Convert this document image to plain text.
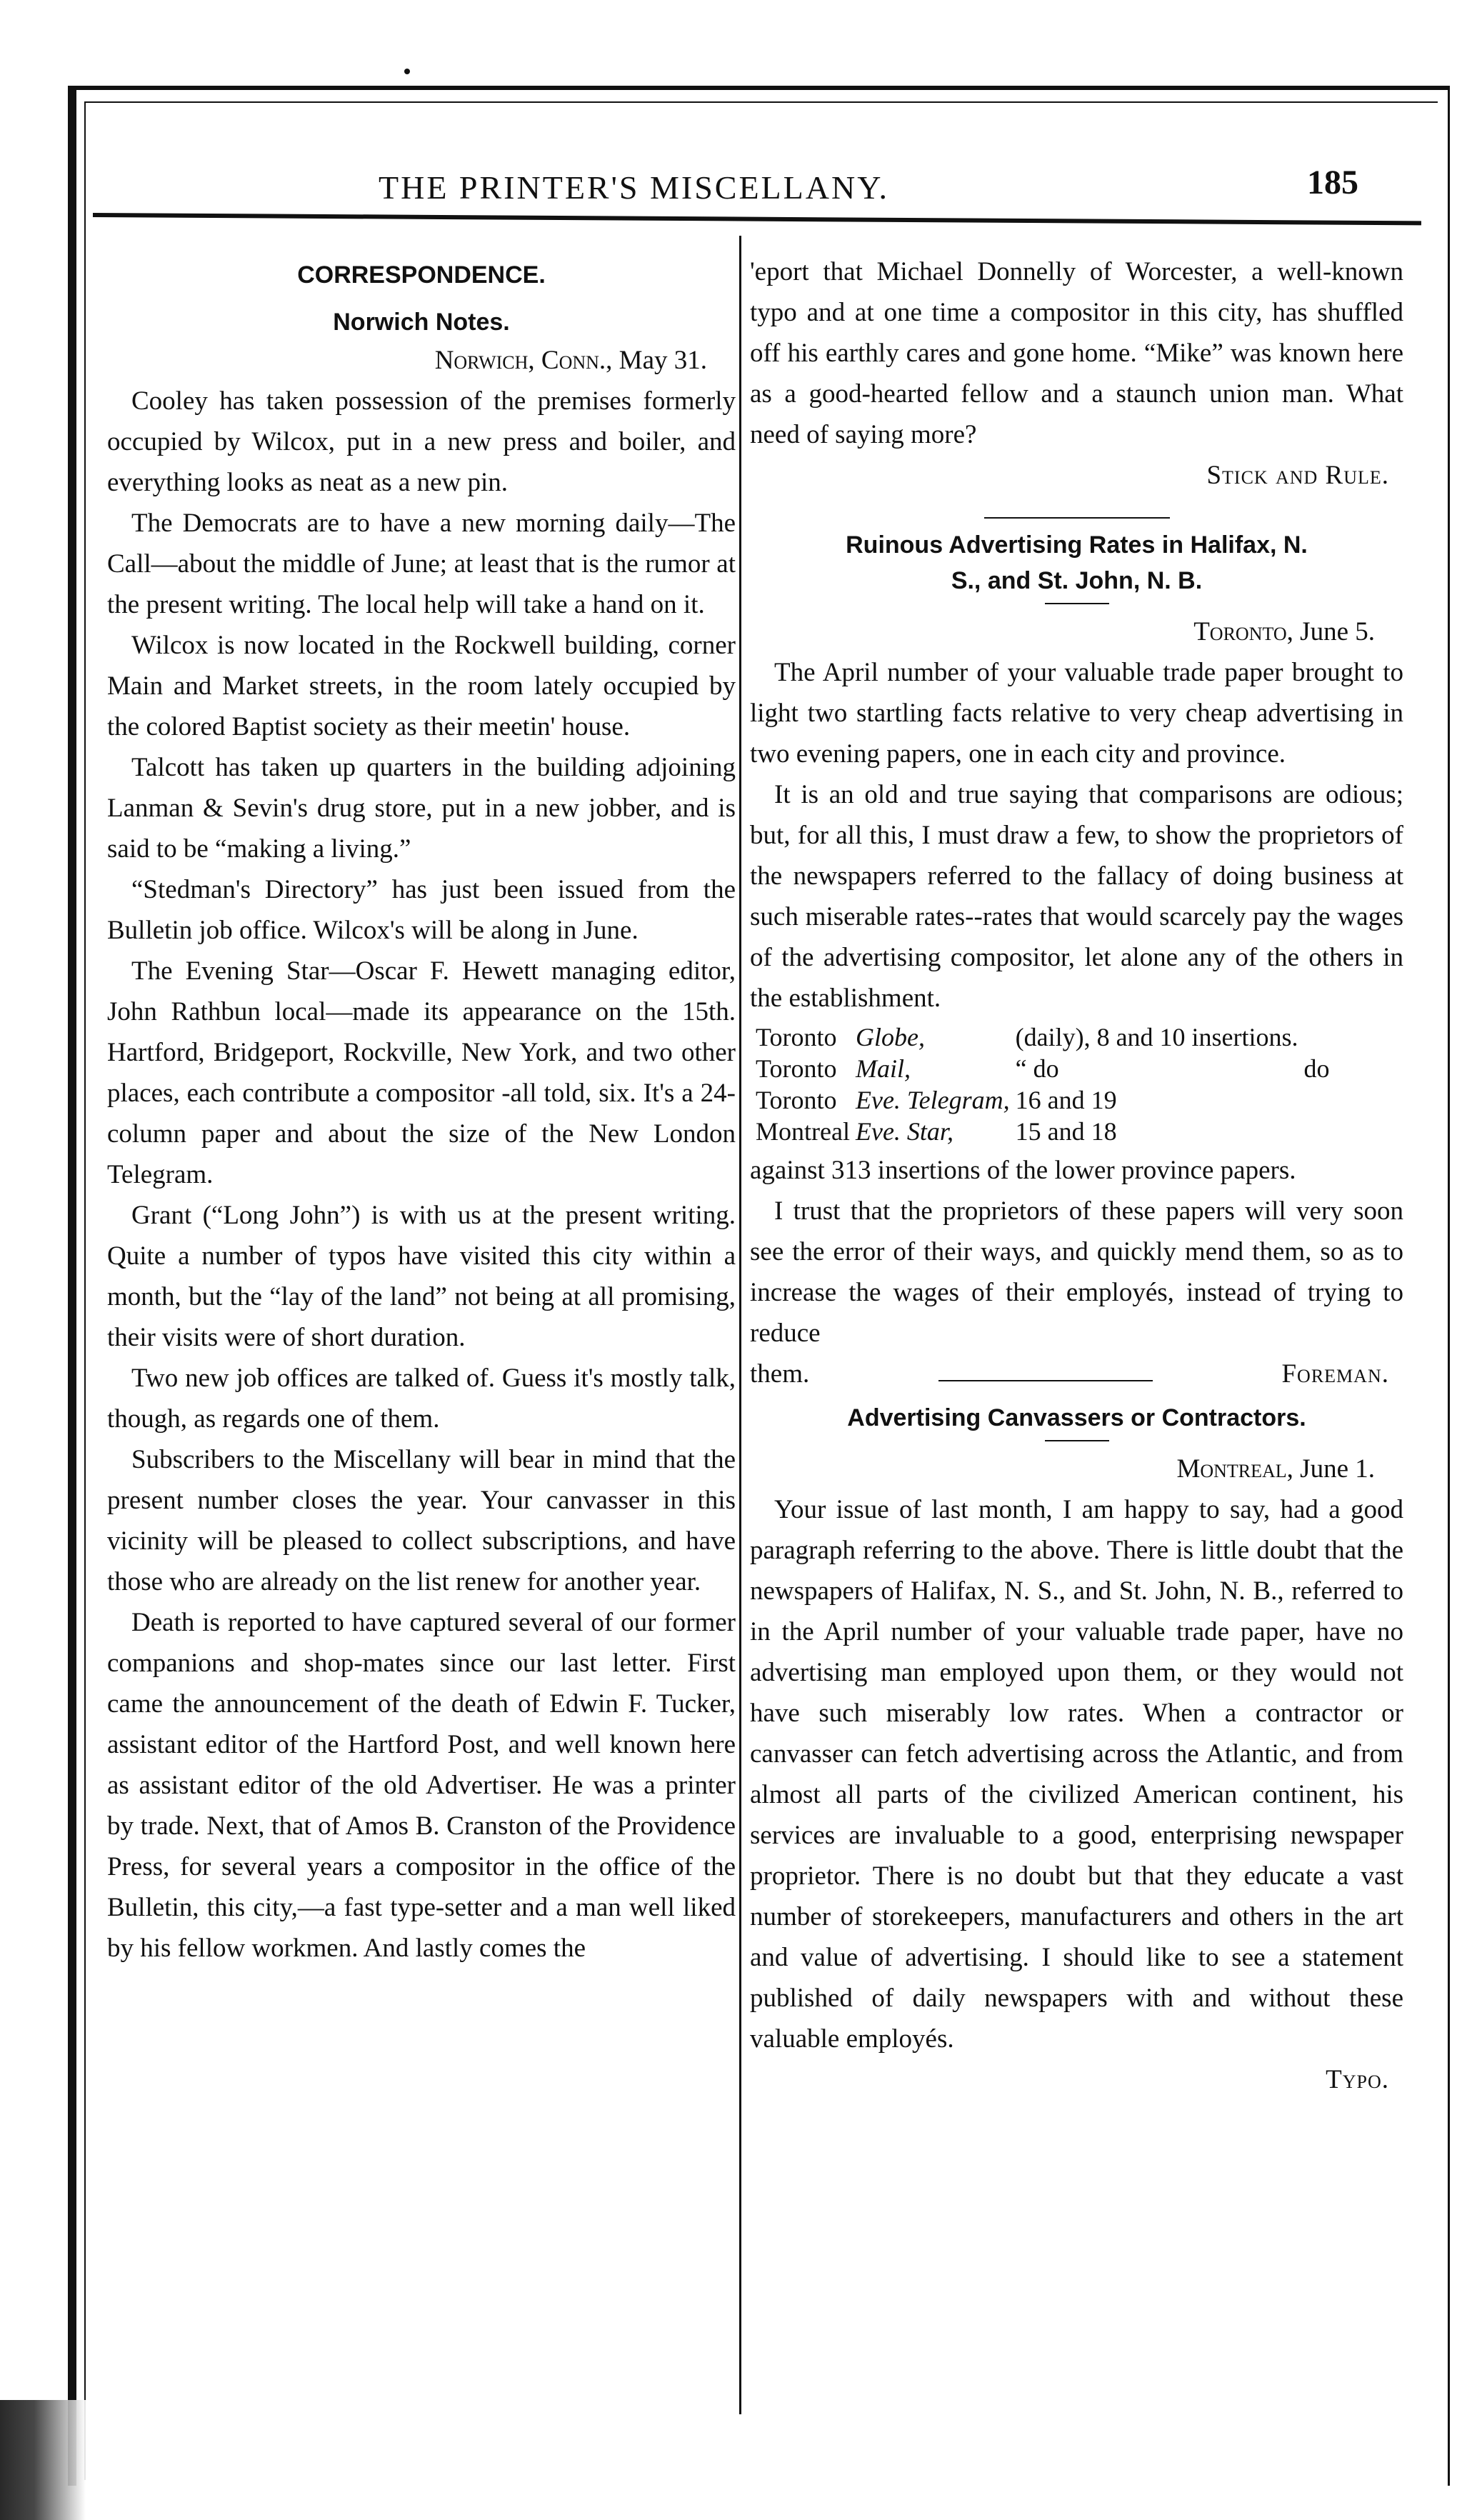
THE PRINTER'S MISCELLANY.	185
CORRESPONDENCE.
Norwich Notes.
Norwich, Conn., May 31.

Cooley has taken possession of the premises formerly occupied by Wilcox, put in a new press and boiler, and everything looks as neat as a new pin.

The Democrats are to have a new morning daily—The Call—about the middle of June; at least that is the rumor at the present writing. The local help will take a hand on it.

Wilcox is now located in the Rockwell building, corner Main and Market streets, in the room lately occupied by the colored Baptist society as their meetin' house.

Talcott has taken up quarters in the building adjoining Lanman & Sevin's drug store, put in a new jobber, and is said to be “making a living.”

“Stedman's Directory” has just been issued from the Bulletin job office. Wilcox's will be along in June.

The Evening Star—Oscar F. Hewett managing editor, John Rathbun local—made its appearance on the 15th. Hartford, Bridgeport, Rockville, New York, and two other places, each contribute a compositor -all told, six. It's a 24-column paper and about the size of the New London Telegram.

Grant (“Long John”) is with us at the present writing. Quite a number of typos have visited this city within a month, but the “lay of the land” not being at all promising, their visits were of short duration.

Two new job offices are talked of. Guess it's mostly talk, though, as regards one of them.

Subscribers to the Miscellany will bear in mind that the present number closes the year. Your canvasser in this vicinity will be pleased to collect subscriptions, and have those who are already on the list renew for another year.

Death is reported to have captured several of our former companions and shop-mates since our last letter. First came the announcement of the death of Edwin F. Tucker, assistant editor of the Hartford Post, and well known here as assistant editor of the old Advertiser. He was a printer by trade. Next, that of Amos B. Cranston of the Providence Press, for several years a compositor in the office of the Bulletin, this city,—a fast type-setter and a man well liked by his fellow workmen. And lastly comes the

'eport that Michael Donnelly of Worcester, a well-known typo and at one time a compositor in this city, has shuffled off his earthly cares and gone home. “Mike” was known here as a good-hearted fellow and a staunch union man. What need of saying more?

Stick and Rule.
Ruinous Advertising Rates in Halifax, N.
S., and St. John, N. B.
Toronto, June 5.

The April number of your valuable trade paper brought to light two startling facts relative to very cheap advertising in two evening papers, one in each city and province.

It is an old and true saying that comparisons are odious; but, for all this, I must draw a few, to show the proprietors of the newspapers referred to the fallacy of doing business at such miserable rates--rates that would scarcely pay the wages of the advertising compositor, let alone any of the others in the establishment.

Toronto	Globe,	(daily), 8 and 10 insertions.	
Toronto	Mail,	“ do	do
Toronto	Eve. Telegram,	16 and 19	
Montreal	Eve. Star,	15 and 18	

against 313 insertions of the lower province papers.

I trust that the proprietors of these papers will very soon see the error of their ways, and quickly mend them, so as to increase the wages of their employés, instead of trying to reduce

them.	Foreman.
Advertising Canvassers or Contractors.
Montreal, June 1.

Your issue of last month, I am happy to say, had a good paragraph referring to the above. There is little doubt that the newspapers of Halifax, N. S., and St. John, N. B., referred to in the April number of your valuable trade paper, have no advertising man employed upon them, or they would not have such miserably low rates. When a contractor or canvasser can fetch advertising across the Atlantic, and from almost all parts of the civilized American continent, his services are invaluable to a good, enterprising newspaper proprietor. There is no doubt but that they educate a vast number of storekeepers, manufacturers and others in the art and value of advertising. I should like to see a statement published of daily newspapers with and without these valuable employés.

Typo.
